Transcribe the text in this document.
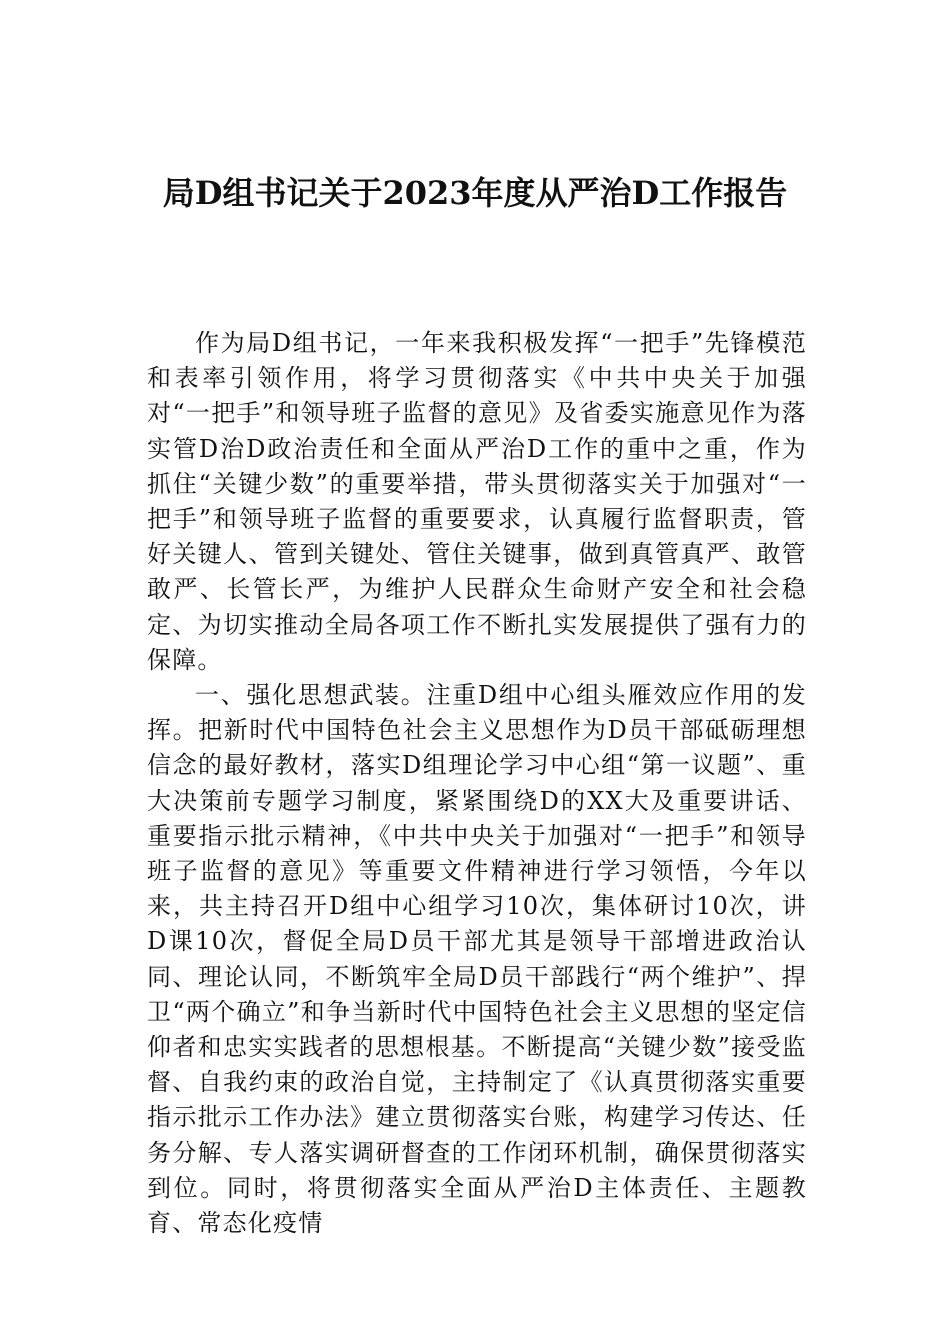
局D组书记关于2023年度从严治D工作报告

作为局D组书记，一年来我积极发挥“一把手”先锋模范和表率引领作用，将学习贯彻落实《中共中央关于加强对“一把手”和领导班子监督的意见》及省委实施意见作为落实管D治D政治责任和全面从严治D工作的重中之重，作为抓住“关键少数”的重要举措，带头贯彻落实关于加强对“一把手”和领导班子监督的重要要求，认真履行监督职责，管好关键人、管到关键处、管住关键事，做到真管真严、敢管敢严、长管长严，为维护人民群众生命财产安全和社会稳定、为切实推动全局各项工作不断扎实发展提供了强有力的保障。

一、强化思想武装。注重D组中心组头雁效应作用的发挥。把新时代中国特色社会主义思想作为D员干部砥砺理想信念的最好教材，落实D组理论学习中心组“第一议题”、重大决策前专题学习制度，紧紧围绕D的XX大及重要讲话、重要指示批示精神，《中共中央关于加强对“一把手”和领导班子监督的意见》等重要文件精神进行学习领悟，今年以来，共主持召开D组中心组学习10次，集体研讨10次，讲D课10次，督促全局D员干部尤其是领导干部增进政治认同、理论认同，不断筑牢全局D员干部践行“两个维护”、捍卫“两个确立”和争当新时代中国特色社会主义思想的坚定信仰者和忠实实践者的思想根基。不断提高“关键少数”接受监督、自我约束的政治自觉，主持制定了《认真贯彻落实重要指示批示工作办法》建立贯彻落实台账，构建学习传达、任务分解、专人落实调研督查的工作闭环机制，确保贯彻落实到位。同时，将贯彻落实全面从严治D主体责任、主题教育、常态化疫情
